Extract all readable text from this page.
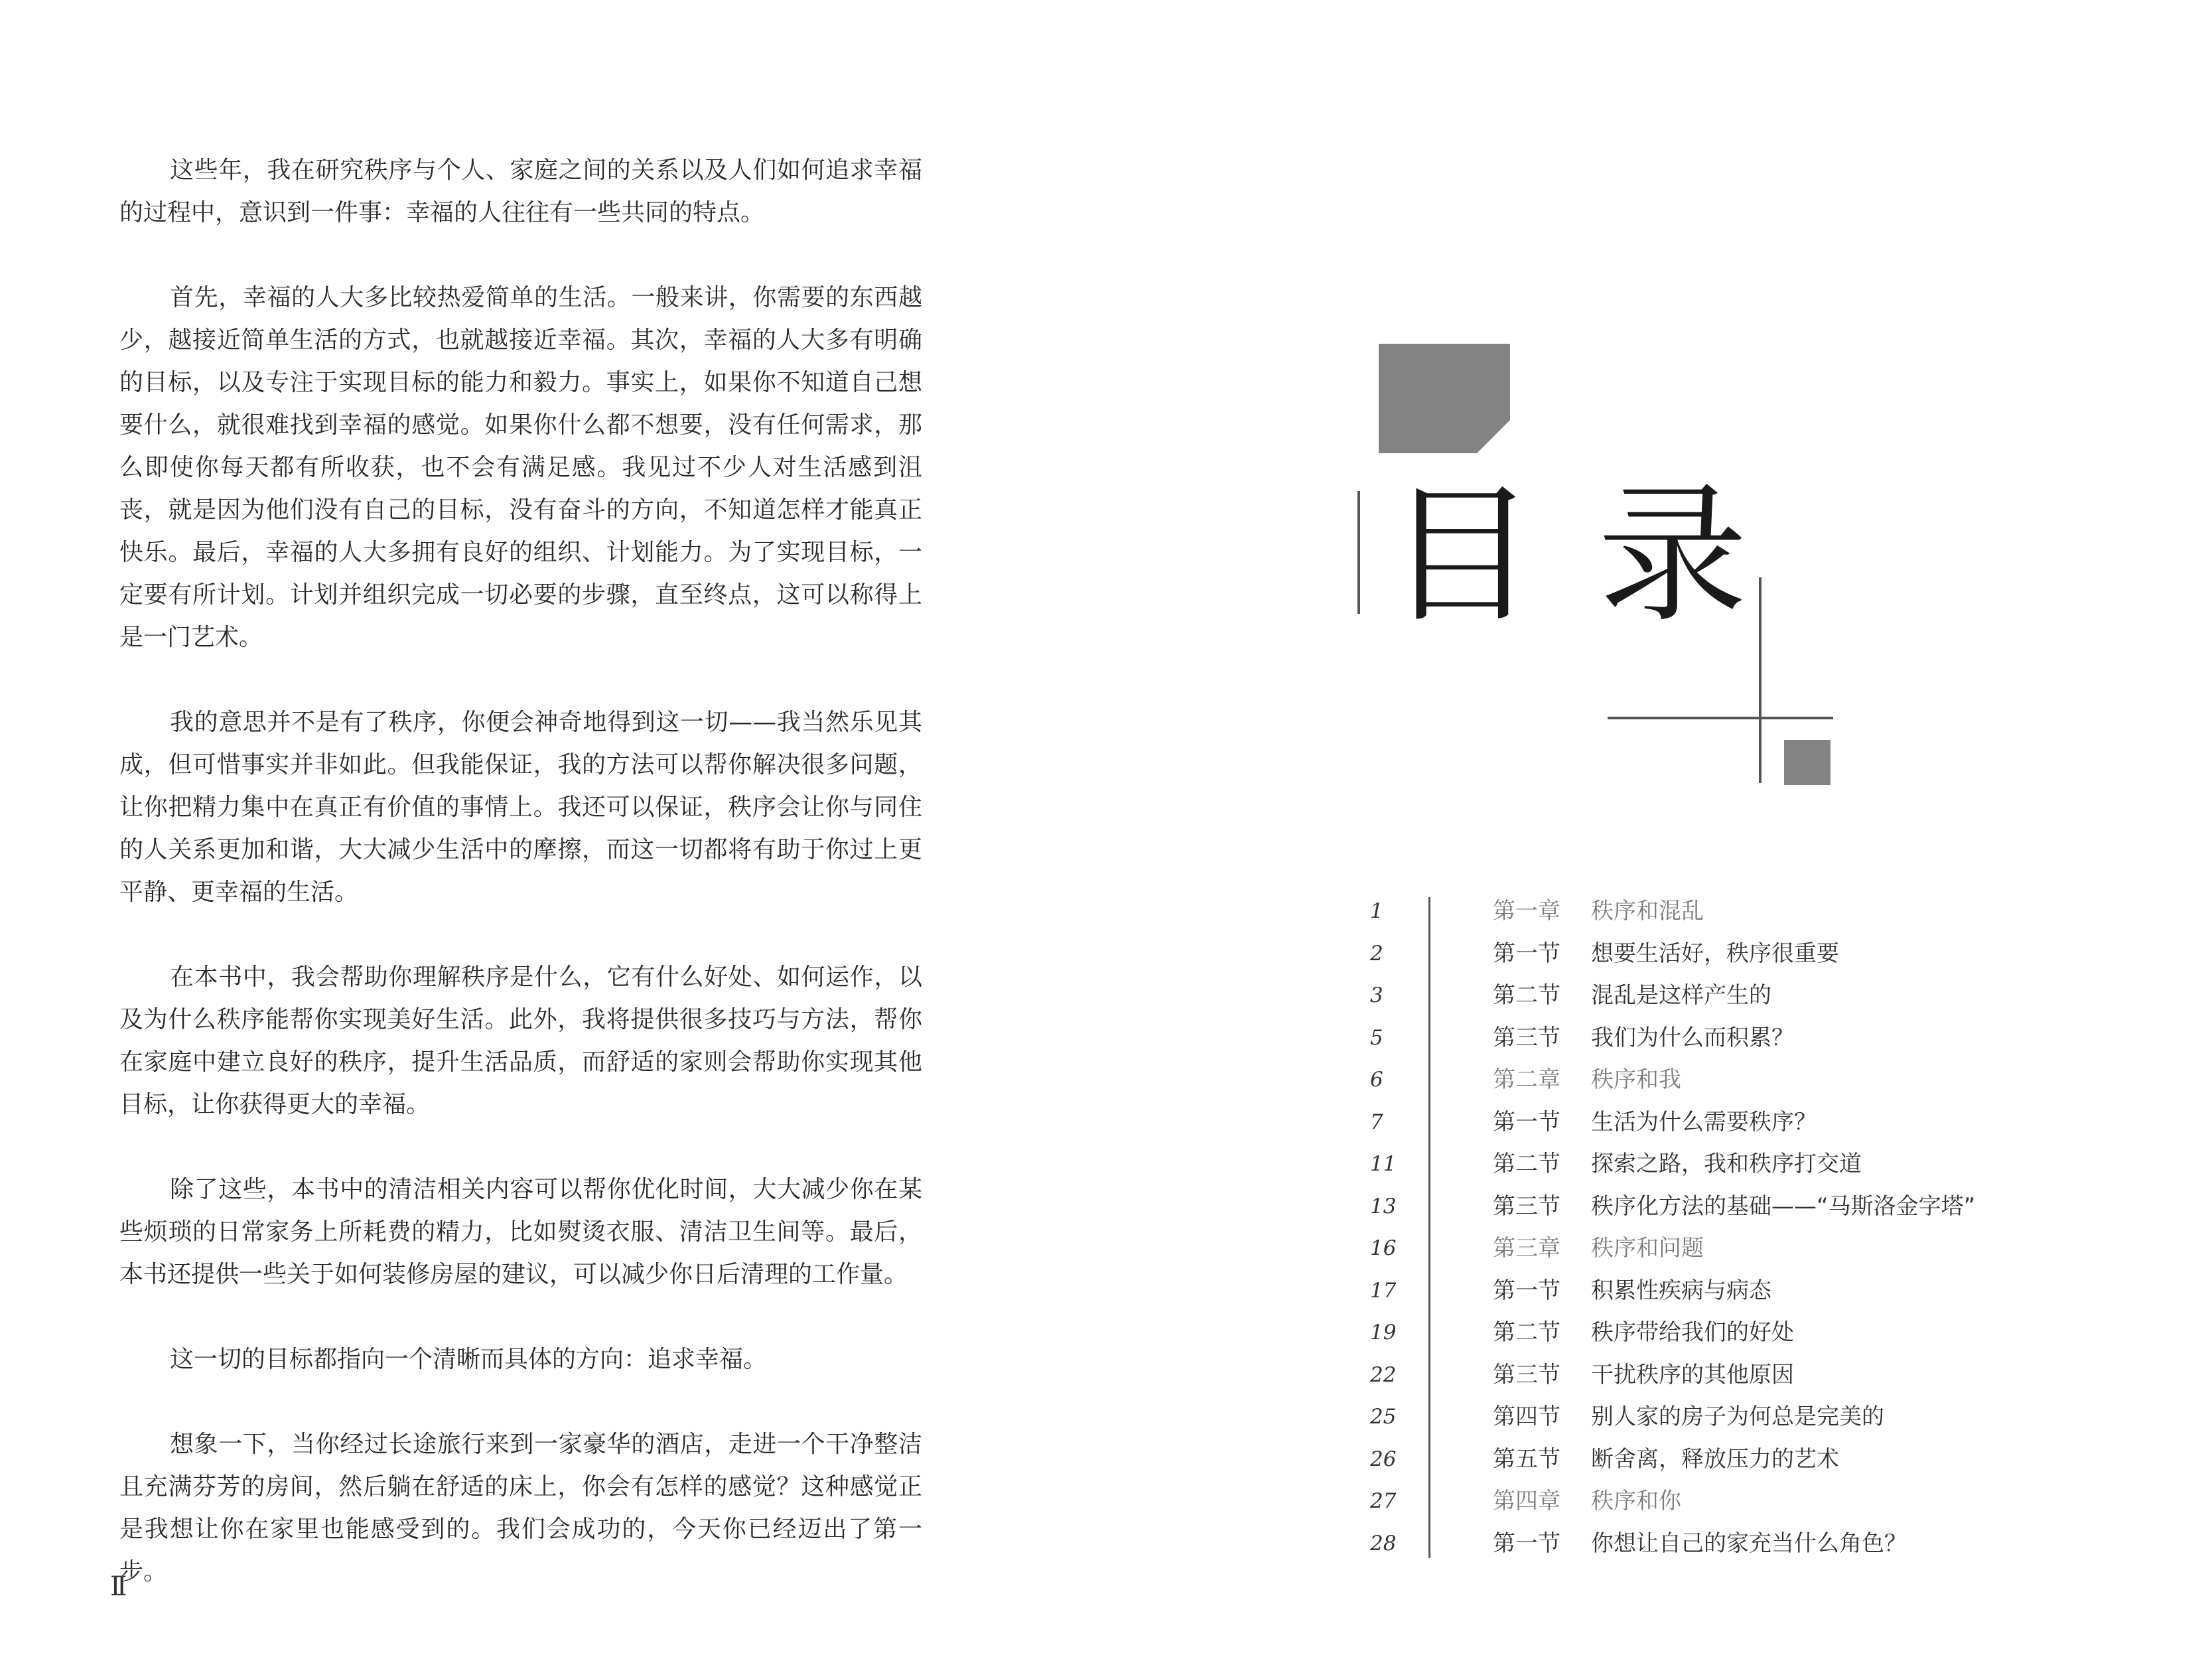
这些年，我在研究秩序与个人、家庭之间的关系以及人们如何追求幸福的过程中，意识到一件事：幸福的人往往有一些共同的特点。

首先，幸福的人大多比较热爱简单的生活。一般来讲，你需要的东西越少，越接近简单生活的方式，也就越接近幸福。其次，幸福的人大多有明确的目标，以及专注于实现目标的能力和毅力。事实上，如果你不知道自己想要什么，就很难找到幸福的感觉。如果你什么都不想要，没有任何需求，那么即使你每天都有所收获，也不会有满足感。我见过不少人对生活感到沮丧，就是因为他们没有自己的目标，没有奋斗的方向，不知道怎样才能真正快乐。最后，幸福的人大多拥有良好的组织、计划能力。为了实现目标，一定要有所计划。计划并组织完成一切必要的步骤，直至终点，这可以称得上是一门艺术。

我的意思并不是有了秩序，你便会神奇地得到这一切——我当然乐见其成，但可惜事实并非如此。但我能保证，我的方法可以帮你解决很多问题，让你把精力集中在真正有价值的事情上。我还可以保证，秩序会让你与同住的人关系更加和谐，大大减少生活中的摩擦，而这一切都将有助于你过上更平静、更幸福的生活。

在本书中，我会帮助你理解秩序是什么，它有什么好处、如何运作，以及为什么秩序能帮你实现美好生活。此外，我将提供很多技巧与方法，帮你在家庭中建立良好的秩序，提升生活品质，而舒适的家则会帮助你实现其他目标，让你获得更大的幸福。

除了这些，本书中的清洁相关内容可以帮你优化时间，大大减少你在某些烦琐的日常家务上所耗费的精力，比如熨烫衣服、清洁卫生间等。最后，本书还提供一些关于如何装修房屋的建议，可以减少你日后清理的工作量。

这一切的目标都指向一个清晰而具体的方向：追求幸福。

想象一下，当你经过长途旅行来到一家豪华的酒店，走进一个干净整洁且充满芬芳的房间，然后躺在舒适的床上，你会有怎样的感觉？这种感觉正是我想让你在家里也能感受到的。我们会成功的，今天你已经迈出了第一步。

II
目 录
1	第一章 秩序和混乱
2	第一节 想要生活好，秩序很重要
3	第二节 混乱是这样产生的
5	第三节 我们为什么而积累？
6	第二章 秩序和我
7	第一节 生活为什么需要秩序？
11	第二节 探索之路，我和秩序打交道
13	第三节 秩序化方法的基础——“马斯洛金字塔”
16	第三章 秩序和问题
17	第一节 积累性疾病与病态
19	第二节 秩序带给我们的好处
22	第三节 干扰秩序的其他原因
25	第四节 别人家的房子为何总是完美的
26	第五节 断舍离，释放压力的艺术
27	第四章 秩序和你
28	第一节 你想让自己的家充当什么角色？
